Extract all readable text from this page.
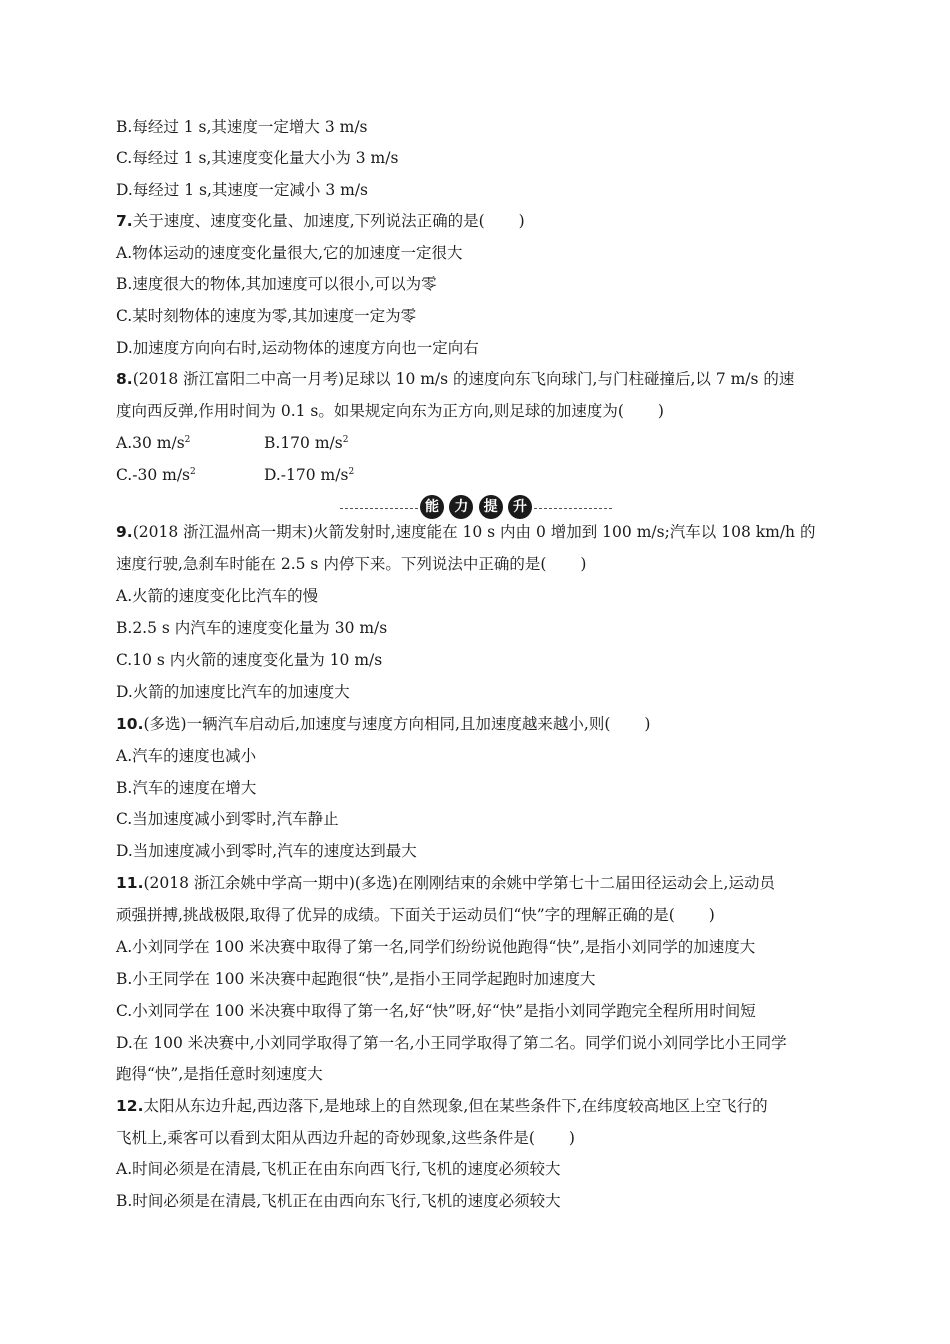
B.每经过 1 s,其速度一定增大 3 m/s
C.每经过 1 s,其速度变化量大小为 3 m/s
D.每经过 1 s,其速度一定减小 3 m/s
7.关于速度、速度变化量、加速度,下列说法正确的是( )
A.物体运动的速度变化量很大,它的加速度一定很大
B.速度很大的物体,其加速度可以很小,可以为零
C.某时刻物体的速度为零,其加速度一定为零
D.加速度方向向右时,运动物体的速度方向也一定向右
8.(2018 浙江富阳二中高一月考)足球以 10 m/s 的速度向东飞向球门,与门柱碰撞后,以 7 m/s 的速
度向西反弹,作用时间为 0.1 s。如果规定向东为正方向,则足球的加速度为( )
A.30 $m/s^2$	B.170 $m/s^2$
C.-30 $m/s^2$	D.-170 $m/s^2$
能	力	提	升
9.(2018 浙江温州高一期末)火箭发射时,速度能在 10 s 内由 0 增加到 100 m/s;汽车以 108 km/h 的
速度行驶,急刹车时能在 2.5 s 内停下来。下列说法中正确的是( )
A.火箭的速度变化比汽车的慢
B.2.5 s 内汽车的速度变化量为 30 m/s
C.10 s 内火箭的速度变化量为 10 m/s
D.火箭的加速度比汽车的加速度大
10.(多选)一辆汽车启动后,加速度与速度方向相同,且加速度越来越小,则( )
A.汽车的速度也减小
B.汽车的速度在增大
C.当加速度减小到零时,汽车静止
D.当加速度减小到零时,汽车的速度达到最大
11.(2018 浙江余姚中学高一期中)(多选)在刚刚结束的余姚中学第七十二届田径运动会上,运动员
顽强拼搏,挑战极限,取得了优异的成绩。下面关于运动员们“快”字的理解正确的是( )
A.小刘同学在 100 米决赛中取得了第一名,同学们纷纷说他跑得“快”,是指小刘同学的加速度大
B.小王同学在 100 米决赛中起跑很“快”,是指小王同学起跑时加速度大
C.小刘同学在 100 米决赛中取得了第一名,好“快”呀,好“快”是指小刘同学跑完全程所用时间短
D.在 100 米决赛中,小刘同学取得了第一名,小王同学取得了第二名。同学们说小刘同学比小王同学
跑得“快”,是指任意时刻速度大
12.太阳从东边升起,西边落下,是地球上的自然现象,但在某些条件下,在纬度较高地区上空飞行的
飞机上,乘客可以看到太阳从西边升起的奇妙现象,这些条件是( )
A.时间必须是在清晨,飞机正在由东向西飞行,飞机的速度必须较大
B.时间必须是在清晨,飞机正在由西向东飞行,飞机的速度必须较大
